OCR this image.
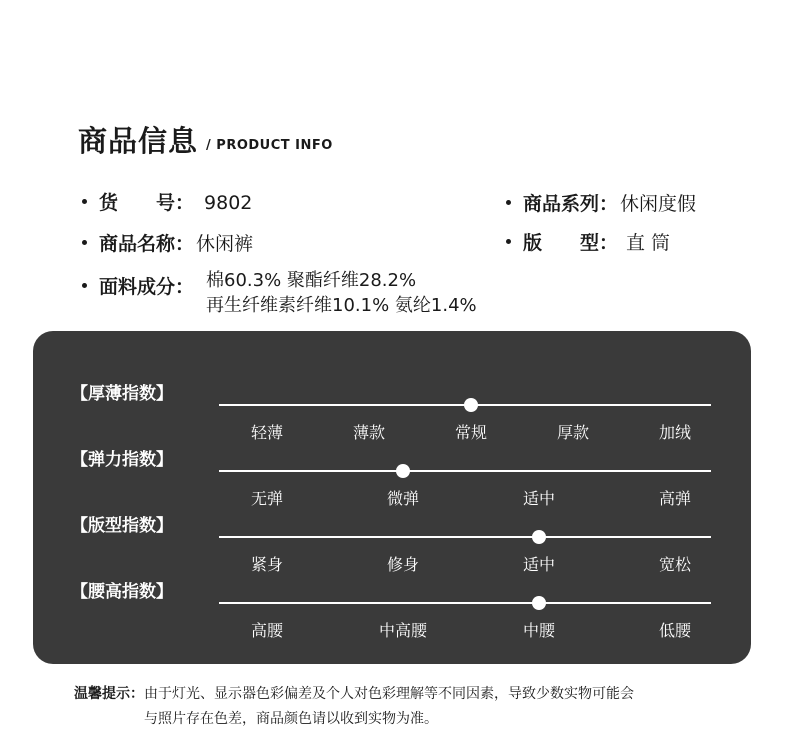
商品信息 / PRODUCT INFO
货　　号： 9802	商品系列： 休闲度假
商品名称： 休闲裤	版　　型： 直 筒
面料成分： 棉60.3% 聚酯纤维28.2%
再生纤维素纤维10.1% 氨纶1.4%
【厚薄指数】
轻薄	薄款	常规	厚款	加绒
【弹力指数】
无弹	微弹	适中	高弹
【版型指数】
紧身	修身	适中	宽松
【腰高指数】
高腰	中高腰	中腰	低腰
温馨提示：由于灯光、显示器色彩偏差及个人对色彩理解等不同因素，导致少数实物可能会
与照片存在色差，商品颜色请以收到实物为准。
